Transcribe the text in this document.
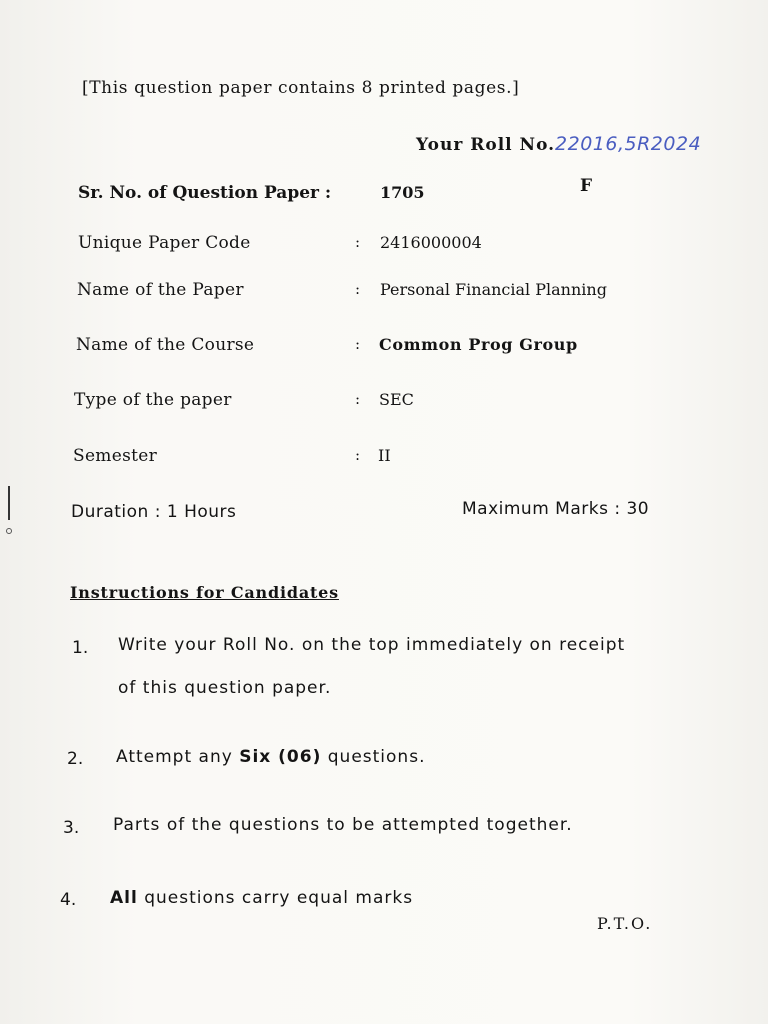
[This question paper contains 8 printed pages.]
Your Roll No.22016,5R2024
Sr. No. of Question Paper :	1705	F
Unique Paper Code	: 2416000004
Name of the Paper	: Personal Financial Planning
Name of the Course	: Common Prog Group
Type of the paper	: SEC
Semester	: II
Duration : 1 Hours	Maximum Marks : 30
Instructions for Candidates
1. Write your Roll No. on the top immediately on receipt
of this question paper.
2. Attempt any Six (06) questions.
3. Parts of the questions to be attempted together.
4. All questions carry equal marks
P.T.O.
